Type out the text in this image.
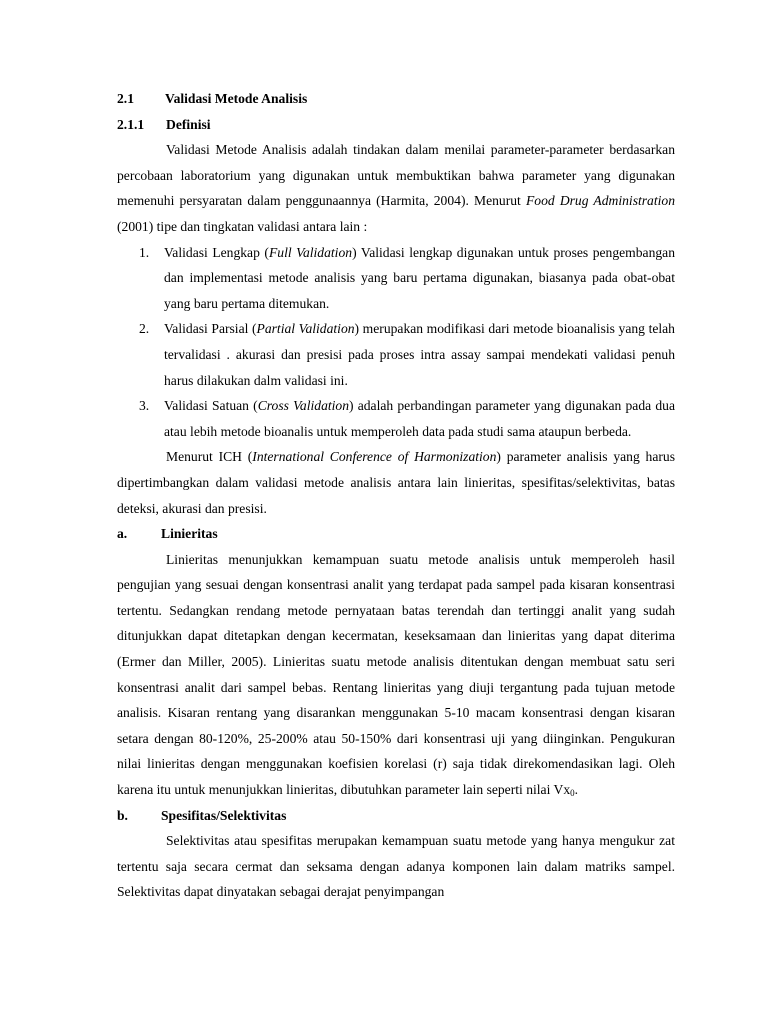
2.1	Validasi Metode Analisis
2.1.1	Definisi

Validasi Metode Analisis adalah tindakan dalam menilai parameter-parameter berdasarkan percobaan laboratorium yang digunakan untuk membuktikan bahwa parameter yang digunakan memenuhi persyaratan dalam penggunaannya (Harmita, 2004). Menurut Food Drug Administration (2001) tipe dan tingkatan validasi antara lain :

1. Validasi Lengkap (Full Validation) Validasi lengkap digunakan untuk proses pengembangan dan implementasi metode analisis yang baru pertama digunakan, biasanya pada obat-obat yang baru pertama ditemukan.
2. Validasi Parsial (Partial Validation) merupakan modifikasi dari metode bioanalisis yang telah tervalidasi . akurasi dan presisi pada proses intra assay sampai mendekati validasi penuh harus dilakukan dalm validasi ini.
3. Validasi Satuan (Cross Validation) adalah perbandingan parameter yang digunakan pada dua atau lebih metode bioanalis untuk memperoleh data pada studi sama ataupun berbeda.

Menurut ICH (International Conference of Harmonization) parameter analisis yang harus dipertimbangkan dalam validasi metode analisis antara lain linieritas, spesifitas/selektivitas, batas deteksi, akurasi dan presisi.

a.	Linieritas

Linieritas menunjukkan kemampuan suatu metode analisis untuk memperoleh hasil pengujian yang sesuai dengan konsentrasi analit yang terdapat pada sampel pada kisaran konsentrasi tertentu. Sedangkan rendang metode pernyataan batas terendah dan tertinggi analit yang sudah ditunjukkan dapat ditetapkan dengan kecermatan, keseksamaan dan linieritas yang dapat diterima (Ermer dan Miller, 2005). Linieritas suatu metode analisis ditentukan dengan membuat satu seri konsentrasi analit dari sampel bebas. Rentang linieritas yang diuji tergantung pada tujuan metode analisis. Kisaran rentang yang disarankan menggunakan 5-10 macam konsentrasi dengan kisaran setara dengan 80-120%, 25-200% atau 50-150% dari konsentrasi uji yang diinginkan. Pengukuran nilai linieritas dengan menggunakan koefisien korelasi (r) saja tidak direkomendasikan lagi. Oleh karena itu untuk menunjukkan linieritas, dibutuhkan parameter lain seperti nilai $Vx_0$.

b.	Spesifitas/Selektivitas

Selektivitas atau spesifitas merupakan kemampuan suatu metode yang hanya mengukur zat tertentu saja secara cermat dan seksama dengan adanya komponen lain dalam matriks sampel. Selektivitas dapat dinyatakan sebagai derajat penyimpangan
